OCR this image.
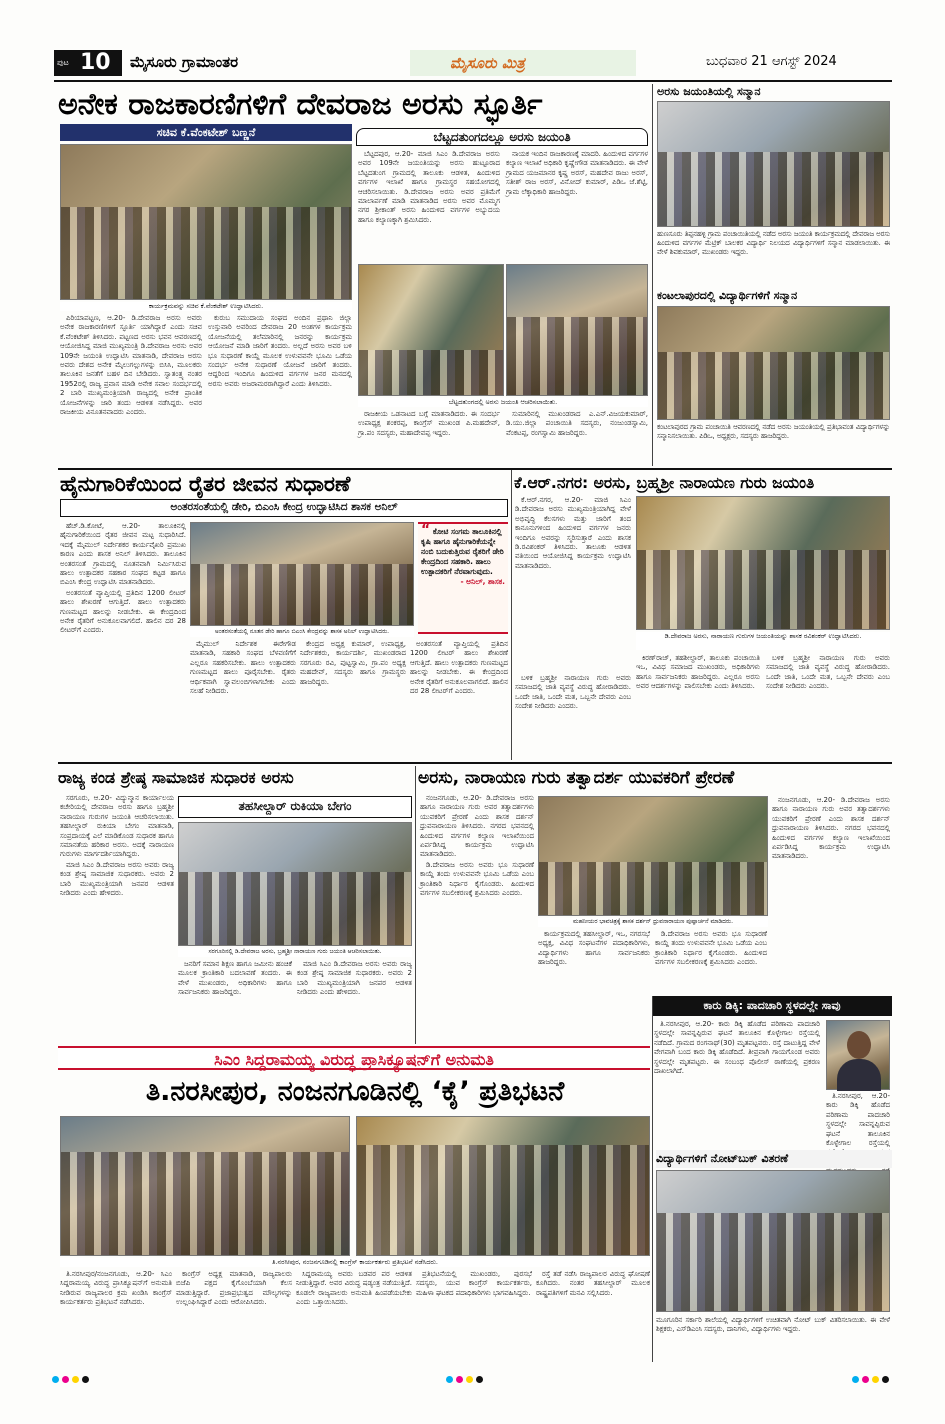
ಪುಟ 10 ಮೈಸೂರು ಗ್ರಾಮಾಂತರ	ಮೈಸೂರು ಮಿತ್ರ	ಬುಧವಾರ 21 ಆಗಸ್ಟ್ 2024
ಅನೇಕ ರಾಜಕಾರಣಿಗಳಿಗೆ ದೇವರಾಜ ಅರಸು ಸ್ಫೂರ್ತಿ
ಸಚಿವ ಕೆ.ವೆಂಕಟೇಶ್ ಬಣ್ಣನೆ
ಕಾರ್ಯಕ್ರಮವನ್ನು ಸಚಿವ ಕೆ.ವೆಂಕಟೇಶ್ ಉದ್ಘಾಟಿಸಿದರು.
ಪಿರಿಯಾಪಟ್ಟಣ, ಆ.20- ಡಿ.ದೇವರಾಜ ಅರಸು ಅವರು ಅನೇಕ ರಾಜಕಾರಣಿಗಳಿಗೆ ಸ್ಫೂರ್ತಿ ಯಾಗಿದ್ದಾರೆ ಎಂದು ಸಚಿವ ಕೆ.ವೆಂಕಟೇಶ್ ತಿಳಿಸಿದರು. ಪಟ್ಟಣದ ಅರಸು ಭವನ ಆವರಣದಲ್ಲಿ ಆಯೋಜಿಸಿದ್ದ ಮಾಜಿ ಮುಖ್ಯಮಂತ್ರಿ ಡಿ.ದೇವರಾಜ ಅರಸು ಅವರ 109ನೇ ಜಯಂತಿ ಉದ್ಘಾಟಿಸಿ ಮಾತನಾಡಿ, ದೇವರಾಜ ಅರಸು ಅವರು ದೇಶದ ಅನೇಕ ಮೈಲುಗಲ್ಲುಗಳನ್ನು ಬಿಸಿಸಿ, ಮೂಲಕರು ತಾಲೂಕಿನ ಜನತೆಗೆ ಬಹಳ ದಿನ ಬೇಡಿದರು. ಸ್ವಾತಂತ್ರ್ಯ ನಂತರ 1952ರಲ್ಲಿ ರಾಜ್ಯ ಪ್ರವಾಸ ಮಾಡಿ ಅನೇಕ ಸವಾಲ ಸಂದರ್ಭದಲ್ಲಿ 2 ಬಾರಿ ಮುಖ್ಯಮಂತ್ರಿಯಾಗಿ ರಾಜ್ಯದಲ್ಲಿ ಅನೇಕ ಪ್ರಾಂತಿಕ ಯೋಜನೆಗಳನ್ನು ಜಾರಿ ತಂದು ಆಡಳಿತ ನಡೆಸಿದ್ದರು. ಅವರ ರಾಜಕೀಯ ವಿನೂತನವಾದರು ಎಂದರು.
ಕುರುಬ ಸಮುದಾಯ ಸಂಘದ ಅಂದಿನ ಪ್ರಥಾನಿ ಜಿಲ್ಲಾ ಉಸ್ತುವಾರಿ ಅವರಿಂದ ದೇವರಾಜ 20 ಅಂಶಗಳ ಕಾರ್ಯಕ್ರಮ ಯೋಜನೆಯಲ್ಲಿ ತಲೆಮಾರಿನಲ್ಲಿ ಜನರನ್ನು ಕಾರ್ಯಕ್ರಮ ಆಯೋಜನೆ ಮಾಡಿ ಜಾರಿಗೆ ತಂದರು. ಅಲ್ಲದೆ ಅರಸು ಅವರ ಬಳಿ ಭೂ ಸುಧಾರಣೆ ಕಾಯ್ದೆ ಮೂಲಕ ಉಳುವವನೇ ಭೂಮಿ ಒಡೆಯ ಸಂದರ್ಭ ಅನೇಕ ಸುಧಾರಣೆ ಯೋಜನೆ ಜಾರಿಗೆ ತಂದರು. ಆದ್ದರಿಂದ ಇಂದಿಗೂ ಹಿಂದುಳಿದ ವರ್ಗಗಳ ಜನರ ಮನದಲ್ಲಿ ಅರಸು ಅವರು ಅಜರಾಮರರಾಗಿದ್ದಾರೆ ಎಂದು ತಿಳಿಸಿದರು.
ಬೆಟ್ಟದತುಂಗದಲ್ಲೂ ಅರಸು ಜಯಂತಿ
ಬೆಟ್ಟದಪುರ, ಆ.20- ಮಾಜಿ ಸಿಎಂ ಡಿ.ದೇವರಾಜ ಅರಸು ಅವರ 109ನೇ ಜಯಂತಿಯನ್ನು ಅರಸು ಹುಟ್ಟೂರಾದ ಬೆಟ್ಟದತುಂಗ ಗ್ರಾಮದಲ್ಲಿ ತಾಲೂಕು ಆಡಳಿತ, ಹಿಂದುಳಿದ ವರ್ಗಗಳ ಇಲಾಖೆ ಹಾಗೂ ಗ್ರಾಮಸ್ಥರ ಸಹಯೋಗದಲ್ಲಿ ಆಚರಿಸಲಾಯಿತು. ಡಿ.ದೇವರಾಜ ಅರಸು ಅವರ ಪ್ರತಿಮೆಗೆ ಮಾಲಾರ್ಪಣೆ ಮಾಡಿ ಮಾತನಾಡಿದ ಅರಸು ಅವರ ಮೊಮ್ಮಗ ನಗರ ಶ್ರೀಕಾಂತ್ ಅರಸು ಹಿಂದುಳಿದ ವರ್ಗಗಳ ಅಭ್ಯುದಯ ಹಾಗೂ ಕಲ್ಯಾಣಕ್ಕಾಗಿ ಶ್ರಮಿಸಿದರು.
ನಾಯಕ ಇಂದಿನ ರಾಜಕಾರಣಕ್ಕೆ ಮಾದರಿ. ಹಿಂದುಳಿದ ವರ್ಗಗಳ ಕಲ್ಯಾಣ ಇಲಾಖೆ ಅಧಿಕಾರಿ ಕೃಷ್ಣೇಗೌಡ ಮಾತನಾಡಿದರು. ಈ ವೇಳೆ ಗ್ರಾಮದ ಯಜಮಾನರ ಕೃಷ್ಣ ಅರಸ್, ಮಹದೇವ ರಾಜು ಅರಸ್, ಸತೀಶ್ ರಾಜ ಅರಸ್, ವಿನೋದ್ ಕುಮಾರ್, ಪಿಡಿಒ ಜೆ.ಶೆಟ್ಟಿ, ಗ್ರಾಮ ಲೆಕ್ಕಾಧಿಕಾರಿ ಹಾಜರಿದ್ದರು.
ಬೆಟ್ಟದತುಂಗದಲ್ಲಿ ಅರಸು ಜಯಂತಿ ಆಚರಿಸಲಾಯಿತು.
ರಾಜಕೀಯ ಒಡನಾಟದ ಬಗ್ಗೆ ಮಾತನಾಡಿದರು. ಈ ಸಂದರ್ಭ ಉಪಾಧ್ಯಕ್ಷ ಶಂಕರಪ್ಪ, ಕಾಂಗ್ರೆಸ್ ಮುಖಂಡ ಪಿ.ಮಹದೇವ್, ಗ್ರಾ.ಪಂ ಸದಸ್ಯರು, ಮಹಾದೇವಪ್ಪ ಇದ್ದರು.
ಸುಮಾರಿನಲ್ಲಿ ಮುಖಂಡರಾದ ಎ.ಎನ್.ವಿಜಯಕುಮಾರ್, ಡಿ.ಯು.ಜಿಲ್ಲಾ ಪಂಚಾಯಿತಿ ಸದಸ್ಯರು, ನಂಜುಂಡಸ್ವಾಮಿ, ವೆಂಕಟಪ್ಪ, ರಂಗಸ್ವಾಮಿ ಹಾಜರಿದ್ದರು.
ಅರಸು ಜಯಂತಿಯಲ್ಲಿ ಸನ್ಮಾನ
ಹುಣಸೂರು ತಿಪ್ಪನಹಳ್ಳಿ ಗ್ರಾಮ ಪಂಚಾಯಿತಿಯಲ್ಲಿ ನಡೆದ ಅರಸು ಜಯಂತಿ ಕಾರ್ಯಕ್ರಮದಲ್ಲಿ ದೇವರಾಜ ಅರಸು ಹಿಂದುಳಿದ ವರ್ಗಗಳ ಮೆಟ್ರಿಕ್ ಬಾಲಕರ ವಿದ್ಯಾರ್ಥಿ ನಿಲಯದ ವಿದ್ಯಾರ್ಥಿಗಳಿಗೆ ಸನ್ಮಾನ ಮಾಡಲಾಯಿತು. ಈ ವೇಳೆ ಶಿವಕುಮಾರ್, ಮುಖಂಡರು ಇದ್ದರು.
ಕಂಟಲಾಪುರದಲ್ಲಿ ವಿದ್ಯಾರ್ಥಿಗಳಿಗೆ ಸನ್ಮಾನ
ಕಂಟಲಾಪುರದ ಗ್ರಾಮ ಪಂಚಾಯಿತಿ ಆವರಣದಲ್ಲಿ ನಡೆದ ಅರಸು ಜಯಂತಿಯಲ್ಲಿ ಪ್ರತಿಭಾವಂತ ವಿದ್ಯಾರ್ಥಿಗಳನ್ನು ಸನ್ಮಾನಿಸಲಾಯಿತು. ಪಿಡಿಒ, ಅಧ್ಯಕ್ಷರು, ಸದಸ್ಯರು ಹಾಜರಿದ್ದರು.
ಹೈನುಗಾರಿಕೆಯಿಂದ ರೈತರ ಜೀವನ ಸುಧಾರಣೆ
ಅಂತರಸಂತೆಯಲ್ಲಿ ಡೇರಿ, ಬಿಎಂಸಿ ಕೇಂದ್ರ ಉದ್ಘಾಟಿಸಿದ ಶಾಸಕ ಅನಿಲ್
ಹೆಚ್.ಡಿ.ಕೋಟೆ, ಆ.20- ತಾಲೂಕಿನಲ್ಲಿ ಹೈನುಗಾರಿಕೆಯಿಂದ ರೈತರ ಜೀವನ ಮಟ್ಟ ಸುಧಾರಿಸಿದೆ. ಇದಕ್ಕೆ ಮೈಮುಲ್ ನಿರ್ದೇಶಕರ ಕಾರ್ಯವೈಖರಿ ಪ್ರಮುಖ ಕಾರಣ ಎಂದು ಶಾಸಕ ಅನಿಲ್ ತಿಳಿಸಿದರು. ತಾಲೂಕಿನ ಅಂತರಸಂತೆ ಗ್ರಾಮದಲ್ಲಿ ನೂತನವಾಗಿ ನಿರ್ಮಿಸಿರುವ ಹಾಲು ಉತ್ಪಾದಕರ ಸಹಕಾರ ಸಂಘದ ಕಟ್ಟಡ ಹಾಗೂ ಬಿಎಂಸಿ ಕೇಂದ್ರ ಉದ್ಘಾಟಿಸಿ ಮಾತನಾಡಿದರು.
ಅಂತರಸಂತೆ ವ್ಯಾಪ್ತಿಯಲ್ಲಿ ಪ್ರತಿದಿನ 1200 ಲೀಟರ್ ಹಾಲು ಶೇಖರಣೆ ಆಗುತ್ತಿದೆ. ಹಾಲು ಉತ್ಪಾದಕರು ಗುಣಮಟ್ಟದ ಹಾಲನ್ನು ನೀಡಬೇಕು. ಈ ಕೇಂದ್ರದಿಂದ ಅನೇಕ ರೈತರಿಗೆ ಅನುಕೂಲವಾಗಲಿದೆ. ಹಾಲಿನ ದರ 28 ಲೀಟರ್‌ಗೆ ಎಂದರು.	ಅಂತರಸಂತೆಯಲ್ಲಿ ನೂತನ ಡೇರಿ ಹಾಗೂ ಬಿಎಂಸಿ ಕೇಂದ್ರವನ್ನು ಶಾಸಕ ಅನಿಲ್ ಉದ್ಘಾಟಿಸಿದರು.
“ ಕೋಟಿ ಸಂಗಮ ತಾಲೂಕಿನಲ್ಲಿ ಕೃಷಿ ಹಾಗೂ ಹೈನುಗಾರಿಕೆಯನ್ನೇ ನಂಬಿ ಬದುಕುತ್ತಿರುವ ರೈತರಿಗೆ ಡೇರಿ ಕೇಂದ್ರದಿಂದ ಸಹಕಾರಿ. ಹಾಲು ಉತ್ಪಾದಕರಿಗೆ ನೆರವಾಗುವುದು.
- ಅನಿಲ್, ಶಾಸಕ.
ಮೈಮುಲ್ ನಿರ್ದೇಶಕ ಈರೇಗೌಡ ಮಾತನಾಡಿ, ಸಹಕಾರಿ ಸಂಘದ ಬೆಳವಣಿಗೆಗೆ ಎಲ್ಲರೂ ಸಹಕರಿಸಬೇಕು. ಹಾಲು ಉತ್ಪಾದಕರು ಗುಣಮಟ್ಟದ ಹಾಲು ಪೂರೈಸಬೇಕು. ರೈತರು ಆರ್ಥಿಕವಾಗಿ ಸ್ವಾವಲಂಬಿಗಳಾಗಬೇಕು ಎಂದು ಸಲಹೆ ನೀಡಿದರು.
ಕೇಂದ್ರದ ಅಧ್ಯಕ್ಷ ಕುಮಾರ್, ಉಪಾಧ್ಯಕ್ಷ, ನಿರ್ದೇಶಕರು, ಕಾರ್ಯದರ್ಶಿ, ಮುಖಂಡರಾದ ಸರಗೂರು ರವಿ, ಪುಟ್ಟಸ್ವಾಮಿ, ಗ್ರಾ.ಪಂ ಅಧ್ಯಕ್ಷ ಮಹದೇವ್, ಸದಸ್ಯರು ಹಾಗೂ ಗ್ರಾಮಸ್ಥರು ಹಾಜರಿದ್ದರು.
ಅಂತರಸಂತೆ ವ್ಯಾಪ್ತಿಯಲ್ಲಿ ಪ್ರತಿದಿನ 1200 ಲೀಟರ್ ಹಾಲು ಶೇಖರಣೆ ಆಗುತ್ತಿದೆ. ಹಾಲು ಉತ್ಪಾದಕರು ಗುಣಮಟ್ಟದ ಹಾಲನ್ನು ನೀಡಬೇಕು. ಈ ಕೇಂದ್ರದಿಂದ ಅನೇಕ ರೈತರಿಗೆ ಅನುಕೂಲವಾಗಲಿದೆ. ಹಾಲಿನ ದರ 28 ಲೀಟರ್‌ಗೆ ಎಂದರು.
ಕೆ.ಆರ್.ನಗರ: ಅರಸು, ಬ್ರಹ್ಮಶ್ರೀ ನಾರಾಯಣ ಗುರು ಜಯಂತಿ
ಕೆ.ಆರ್.ನಗರ, ಆ.20- ಮಾಜಿ ಸಿಎಂ ಡಿ.ದೇವರಾಜ ಅರಸು ಮುಖ್ಯಮಂತ್ರಿಯಾಗಿದ್ದ ವೇಳೆ ಅಭಿವೃದ್ಧಿ ಕೆಲಸಗಳು ಮತ್ತು ಜಾರಿಗೆ ತಂದ ಕಾನೂನುಗಳಿಂದ ಹಿಂದುಳಿದ ವರ್ಗಗಳ ಜನರು ಇಂದಿಗೂ ಅವರನ್ನು ಸ್ಮರಿಸುತ್ತಾರೆ ಎಂದು ಶಾಸಕ ಡಿ.ರವಿಶಂಕರ್ ತಿಳಿಸಿದರು. ತಾಲೂಕು ಆಡಳಿತ ವತಿಯಿಂದ ಆಯೋಜಿಸಿದ್ದ ಕಾರ್ಯಕ್ರಮ ಉದ್ಘಾಟಿಸಿ ಮಾತನಾಡಿದರು.
ಡಿ.ದೇವರಾಜ ಅರಸು, ನಾರಾಯಣ ಗುರುಗಳ ಜಯಂತಿಯನ್ನು ಶಾಸಕ ರವಿಶಂಕರ್ ಉದ್ಘಾಟಿಸಿದರು.
ಬಳಿಕ ಬ್ರಹ್ಮಶ್ರೀ ನಾರಾಯಣ ಗುರು ಅವರು ಸಮಾಜದಲ್ಲಿ ಜಾತಿ ವ್ಯವಸ್ಥೆ ವಿರುದ್ಧ ಹೋರಾಡಿದರು. ಒಂದೇ ಜಾತಿ, ಒಂದೇ ಮತ, ಒಬ್ಬನೇ ದೇವರು ಎಂಬ ಸಂದೇಶ ನೀಡಿದರು ಎಂದರು.
ಕಿರಣ್‌ರಾಜ್, ತಹಶೀಲ್ದಾರ್, ತಾಲೂಕು ಪಂಚಾಯಿತಿ ಇಒ, ವಿವಿಧ ಸಮಾಜದ ಮುಖಂಡರು, ಅಧಿಕಾರಿಗಳು ಹಾಗೂ ಸಾರ್ವಜನಿಕರು ಹಾಜರಿದ್ದರು. ಎಲ್ಲರೂ ಅರಸು ಅವರ ಆದರ್ಶಗಳನ್ನು ಪಾಲಿಸಬೇಕು ಎಂದು ತಿಳಿಸಿದರು.
ಬಳಿಕ ಬ್ರಹ್ಮಶ್ರೀ ನಾರಾಯಣ ಗುರು ಅವರು ಸಮಾಜದಲ್ಲಿ ಜಾತಿ ವ್ಯವಸ್ಥೆ ವಿರುದ್ಧ ಹೋರಾಡಿದರು. ಒಂದೇ ಜಾತಿ, ಒಂದೇ ಮತ, ಒಬ್ಬನೇ ದೇವರು ಎಂಬ ಸಂದೇಶ ನೀಡಿದರು ಎಂದರು.
ರಾಜ್ಯ ಕಂಡ ಶ್ರೇಷ್ಠ ಸಾಮಾಜಿಕ ಸುಧಾರಕ ಅರಸು
ಸರಗೂರು, ಆ.20- ವಿದ್ಯುನ್ಮಾನ ಕಾರ್ಯಾಲಯ ಕಚೇರಿಯಲ್ಲಿ ದೇವರಾಜ ಅರಸು ಹಾಗೂ ಬ್ರಹ್ಮಶ್ರೀ ನಾರಾಯಣ ಗುರುಗಳ ಜಯಂತಿ ಆಚರಿಸಲಾಯಿತು. ತಹಸೀಲ್ದಾರ್ ರುಕಿಯಾ ಬೇಗಂ ಮಾತನಾಡಿ, ಸಂಪ್ರದಾಯಕ್ಕೆ ಎಲೆ ಮಾಡಿಕೊಂಡ ಸುಧಾರಕ ಹಾಗೂ ಸಮಾನತೆಯ ಹರಿಕಾರ ಅರಸು. ಅದಕ್ಕೆ ನಾರಾಯಣ ಗುರುಗಳು ಮಾರ್ಗದರ್ಶಿಯಾಗಿದ್ದರು.
ಮಾಜಿ ಸಿಎಂ ಡಿ.ದೇವರಾಜ ಅರಸು ಅವರು ರಾಜ್ಯ ಕಂಡ ಶ್ರೇಷ್ಠ ಸಾಮಾಜಿಕ ಸುಧಾರಕರು. ಅವರು 2 ಬಾರಿ ಮುಖ್ಯಮಂತ್ರಿಯಾಗಿ ಜನಪರ ಆಡಳಿತ ನೀಡಿದರು ಎಂದು ಹೇಳಿದರು.
ತಹಸೀಲ್ದಾರ್ ರುಕಿಯಾ ಬೇಗಂ
ಸರಗೂರಿನಲ್ಲಿ ಡಿ.ದೇವರಾಜ ಅರಸು, ಬ್ರಹ್ಮಶ್ರೀ ನಾರಾಯಣ ಗುರು ಜಯಂತಿ ಆಚರಿಸಲಾಯಿತು.
ಜನರಿಗೆ ಸಮಾನ ಶಿಕ್ಷಣ ಹಾಗೂ ಜಮೀನು ಹಂಚಿಕೆ ಮೂಲಕ ಕ್ರಾಂತಿಕಾರಿ ಬದಲಾವಣೆ ತಂದರು. ಈ ವೇಳೆ ಮುಖಂಡರು, ಅಧಿಕಾರಿಗಳು ಹಾಗೂ ಸಾರ್ವಜನಿಕರು ಹಾಜರಿದ್ದರು.
ಮಾಜಿ ಸಿಎಂ ಡಿ.ದೇವರಾಜ ಅರಸು ಅವರು ರಾಜ್ಯ ಕಂಡ ಶ್ರೇಷ್ಠ ಸಾಮಾಜಿಕ ಸುಧಾರಕರು. ಅವರು 2 ಬಾರಿ ಮುಖ್ಯಮಂತ್ರಿಯಾಗಿ ಜನಪರ ಆಡಳಿತ ನೀಡಿದರು ಎಂದು ಹೇಳಿದರು.
ಅರಸು, ನಾರಾಯಣ ಗುರು ತತ್ವಾದರ್ಶ ಯುವಕರಿಗೆ ಪ್ರೇರಣೆ
ನಂಜನಗೂಡು, ಆ.20- ಡಿ.ದೇವರಾಜ ಅರಸು ಹಾಗೂ ನಾರಾಯಣ ಗುರು ಅವರ ತತ್ವಾದರ್ಶಗಳು ಯುವಕರಿಗೆ ಪ್ರೇರಣೆ ಎಂದು ಶಾಸಕ ದರ್ಶನ್ ಧ್ರುವನಾರಾಯಣ ತಿಳಿಸಿದರು. ನಗರದ ಭವನದಲ್ಲಿ ಹಿಂದುಳಿದ ವರ್ಗಗಳ ಕಲ್ಯಾಣ ಇಲಾಖೆಯಿಂದ ಏರ್ಪಡಿಸಿದ್ದ ಕಾರ್ಯಕ್ರಮ ಉದ್ಘಾಟಿಸಿ ಮಾತನಾಡಿದರು.
ಡಿ.ದೇವರಾಜ ಅರಸು ಅವರು ಭೂ ಸುಧಾರಣೆ ಕಾಯ್ದೆ ತಂದು ಉಳುವವನೇ ಭೂಮಿ ಒಡೆಯ ಎಂಬ ಕ್ರಾಂತಿಕಾರಿ ನಿರ್ಧಾರ ಕೈಗೊಂಡರು. ಹಿಂದುಳಿದ ವರ್ಗಗಳ ಸಬಲೀಕರಣಕ್ಕೆ ಶ್ರಮಿಸಿದರು ಎಂದರು.
ಮಹನೀಯರ ಭಾವಚಿತ್ರಕ್ಕೆ ಶಾಸಕ ದರ್ಶನ್ ಧ್ರುವನಾರಾಯಣ ಪುಷ್ಪಾರ್ಚನೆ ಮಾಡಿದರು.
ಕಾರ್ಯಕ್ರಮದಲ್ಲಿ ತಹಸೀಲ್ದಾರ್, ಇಒ, ನಗರಸಭೆ ಅಧ್ಯಕ್ಷ, ವಿವಿಧ ಸಂಘಟನೆಗಳ ಪದಾಧಿಕಾರಿಗಳು, ವಿದ್ಯಾರ್ಥಿಗಳು ಹಾಗೂ ಸಾರ್ವಜನಿಕರು ಹಾಜರಿದ್ದರು.
ಡಿ.ದೇವರಾಜ ಅರಸು ಅವರು ಭೂ ಸುಧಾರಣೆ ಕಾಯ್ದೆ ತಂದು ಉಳುವವನೇ ಭೂಮಿ ಒಡೆಯ ಎಂಬ ಕ್ರಾಂತಿಕಾರಿ ನಿರ್ಧಾರ ಕೈಗೊಂಡರು. ಹಿಂದುಳಿದ ವರ್ಗಗಳ ಸಬಲೀಕರಣಕ್ಕೆ ಶ್ರಮಿಸಿದರು ಎಂದರು.
ನಂಜನಗೂಡು, ಆ.20- ಡಿ.ದೇವರಾಜ ಅರಸು ಹಾಗೂ ನಾರಾಯಣ ಗುರು ಅವರ ತತ್ವಾದರ್ಶಗಳು ಯುವಕರಿಗೆ ಪ್ರೇರಣೆ ಎಂದು ಶಾಸಕ ದರ್ಶನ್ ಧ್ರುವನಾರಾಯಣ ತಿಳಿಸಿದರು. ನಗರದ ಭವನದಲ್ಲಿ ಹಿಂದುಳಿದ ವರ್ಗಗಳ ಕಲ್ಯಾಣ ಇಲಾಖೆಯಿಂದ ಏರ್ಪಡಿಸಿದ್ದ ಕಾರ್ಯಕ್ರಮ ಉದ್ಘಾಟಿಸಿ ಮಾತನಾಡಿದರು.
ಕಾರು ಡಿಕ್ಕಿ: ಪಾದಚಾರಿ ಸ್ಥಳದಲ್ಲೇ ಸಾವು
ತಿ.ನರಸೀಪುರ, ಆ.20- ಕಾರು ಡಿಕ್ಕಿ ಹೊಡೆದ ಪರಿಣಾಮ ಪಾದಚಾರಿ ಸ್ಥಳದಲ್ಲೇ ಸಾವನ್ನಪ್ಪಿರುವ ಘಟನೆ ತಾಲೂಕಿನ ಕೊಳ್ಳೇಗಾಲ ರಸ್ತೆಯಲ್ಲಿ ನಡೆದಿದೆ. ಗ್ರಾಮದ ರಂಗನಾಥ್(30) ಮೃತಪಟ್ಟವರು. ರಸ್ತೆ ದಾಟುತ್ತಿದ್ದ ವೇಳೆ ವೇಗವಾಗಿ ಬಂದ ಕಾರು ಡಿಕ್ಕಿ ಹೊಡೆದಿದೆ. ತೀವ್ರವಾಗಿ ಗಾಯಗೊಂಡ ಅವರು ಸ್ಥಳದಲ್ಲೇ ಮೃತಪಟ್ಟರು. ಈ ಸಂಬಂಧ ಪೊಲೀಸ್ ಠಾಣೆಯಲ್ಲಿ ಪ್ರಕರಣ ದಾಖಲಾಗಿದೆ.
ತಿ.ನರಸೀಪುರ, ಆ.20- ಕಾರು ಡಿಕ್ಕಿ ಹೊಡೆದ ಪರಿಣಾಮ ಪಾದಚಾರಿ ಸ್ಥಳದಲ್ಲೇ ಸಾವನ್ನಪ್ಪಿರುವ ಘಟನೆ ತಾಲೂಕಿನ ಕೊಳ್ಳೇಗಾಲ ರಸ್ತೆಯಲ್ಲಿ
ವಿದ್ಯಾರ್ಥಿಗಳಿಗೆ ನೋಟ್‌ಬುಕ್ ವಿತರಣೆ
ಮೂಗೂರಿನ ಸರ್ಕಾರಿ ಶಾಲೆಯಲ್ಲಿ ವಿದ್ಯಾರ್ಥಿಗಳಿಗೆ ಉಚಿತವಾಗಿ ನೋಟ್ ಬುಕ್ ವಿತರಿಸಲಾಯಿತು. ಈ ವೇಳೆ ಶಿಕ್ಷಕರು, ಎಸ್‌ಡಿಎಂಸಿ ಸದಸ್ಯರು, ದಾನಿಗಳು, ವಿದ್ಯಾರ್ಥಿಗಳು ಇದ್ದರು.
ಸಿಎಂ ಸಿದ್ದರಾಮಯ್ಯ ವಿರುದ್ಧ ಪ್ರಾಸಿಕ್ಯೂಷನ್‌ಗೆ ಅನುಮತಿ
ತಿ.ನರಸೀಪುರ, ನಂಜನಗೂಡಿನಲ್ಲಿ ‘ಕೈ’ ಪ್ರತಿಭಟನೆ
ತಿ.ನರಸೀಪುರ, ನಂಜನಗೂಡಿನಲ್ಲಿ ಕಾಂಗ್ರೆಸ್ ಕಾರ್ಯಕರ್ತರು ಪ್ರತಿಭಟನೆ ನಡೆಸಿದರು.
ತಿ.ನರಸೀಪುರ/ನಂಜನಗೂಡು, ಆ.20- ಸಿಎಂ ಸಿದ್ದರಾಮಯ್ಯ ವಿರುದ್ಧ ಪ್ರಾಸಿಕ್ಯೂಷನ್‌ಗೆ ಅನುಮತಿ ನೀಡಿರುವ ರಾಜ್ಯಪಾಲರ ಕ್ರಮ ಖಂಡಿಸಿ ಕಾಂಗ್ರೆಸ್ ಕಾರ್ಯಕರ್ತರು ಪ್ರತಿಭಟನೆ ನಡೆಸಿದರು.
ಕಾಂಗ್ರೆಸ್ ಅಧ್ಯಕ್ಷ ಮಾತನಾಡಿ, ರಾಜ್ಯಪಾಲರು ಬಿಜೆಪಿ ಪಕ್ಷದ ಕೈಗೊಂಬೆಯಾಗಿ ಕೆಲಸ ಮಾಡುತ್ತಿದ್ದಾರೆ. ಪ್ರಜಾಪ್ರಭುತ್ವದ ಮೌಲ್ಯಗಳನ್ನು ಉಲ್ಲಂಘಿಸಿದ್ದಾರೆ ಎಂದು ಆರೋಪಿಸಿದರು.
ಸಿದ್ದರಾಮಯ್ಯ ಅವರು ಬಡವರ ಪರ ಆಡಳಿತ ನೀಡುತ್ತಿದ್ದಾರೆ. ಅವರ ವಿರುದ್ಧ ಷಡ್ಯಂತ್ರ ನಡೆಯುತ್ತಿದೆ. ಕೂಡಲೇ ರಾಜ್ಯಪಾಲರು ಅನುಮತಿ ಹಿಂಪಡೆಯಬೇಕು ಎಂದು ಒತ್ತಾಯಿಸಿದರು.
ಪ್ರತಿಭಟನೆಯಲ್ಲಿ ಮುಖಂಡರು, ಪುರಸಭೆ ಸದಸ್ಯರು, ಯುವ ಕಾಂಗ್ರೆಸ್ ಕಾರ್ಯಕರ್ತರು, ಮಹಿಳಾ ಘಟಕದ ಪದಾಧಿಕಾರಿಗಳು ಭಾಗವಹಿಸಿದ್ದರು.
ರಸ್ತೆ ತಡೆ ನಡೆಸಿ ರಾಜ್ಯಪಾಲರ ವಿರುದ್ಧ ಘೋಷಣೆ ಕೂಗಿದರು. ನಂತರ ತಹಸೀಲ್ದಾರ್ ಮೂಲಕ ರಾಷ್ಟ್ರಪತಿಗಳಿಗೆ ಮನವಿ ಸಲ್ಲಿಸಿದರು.
